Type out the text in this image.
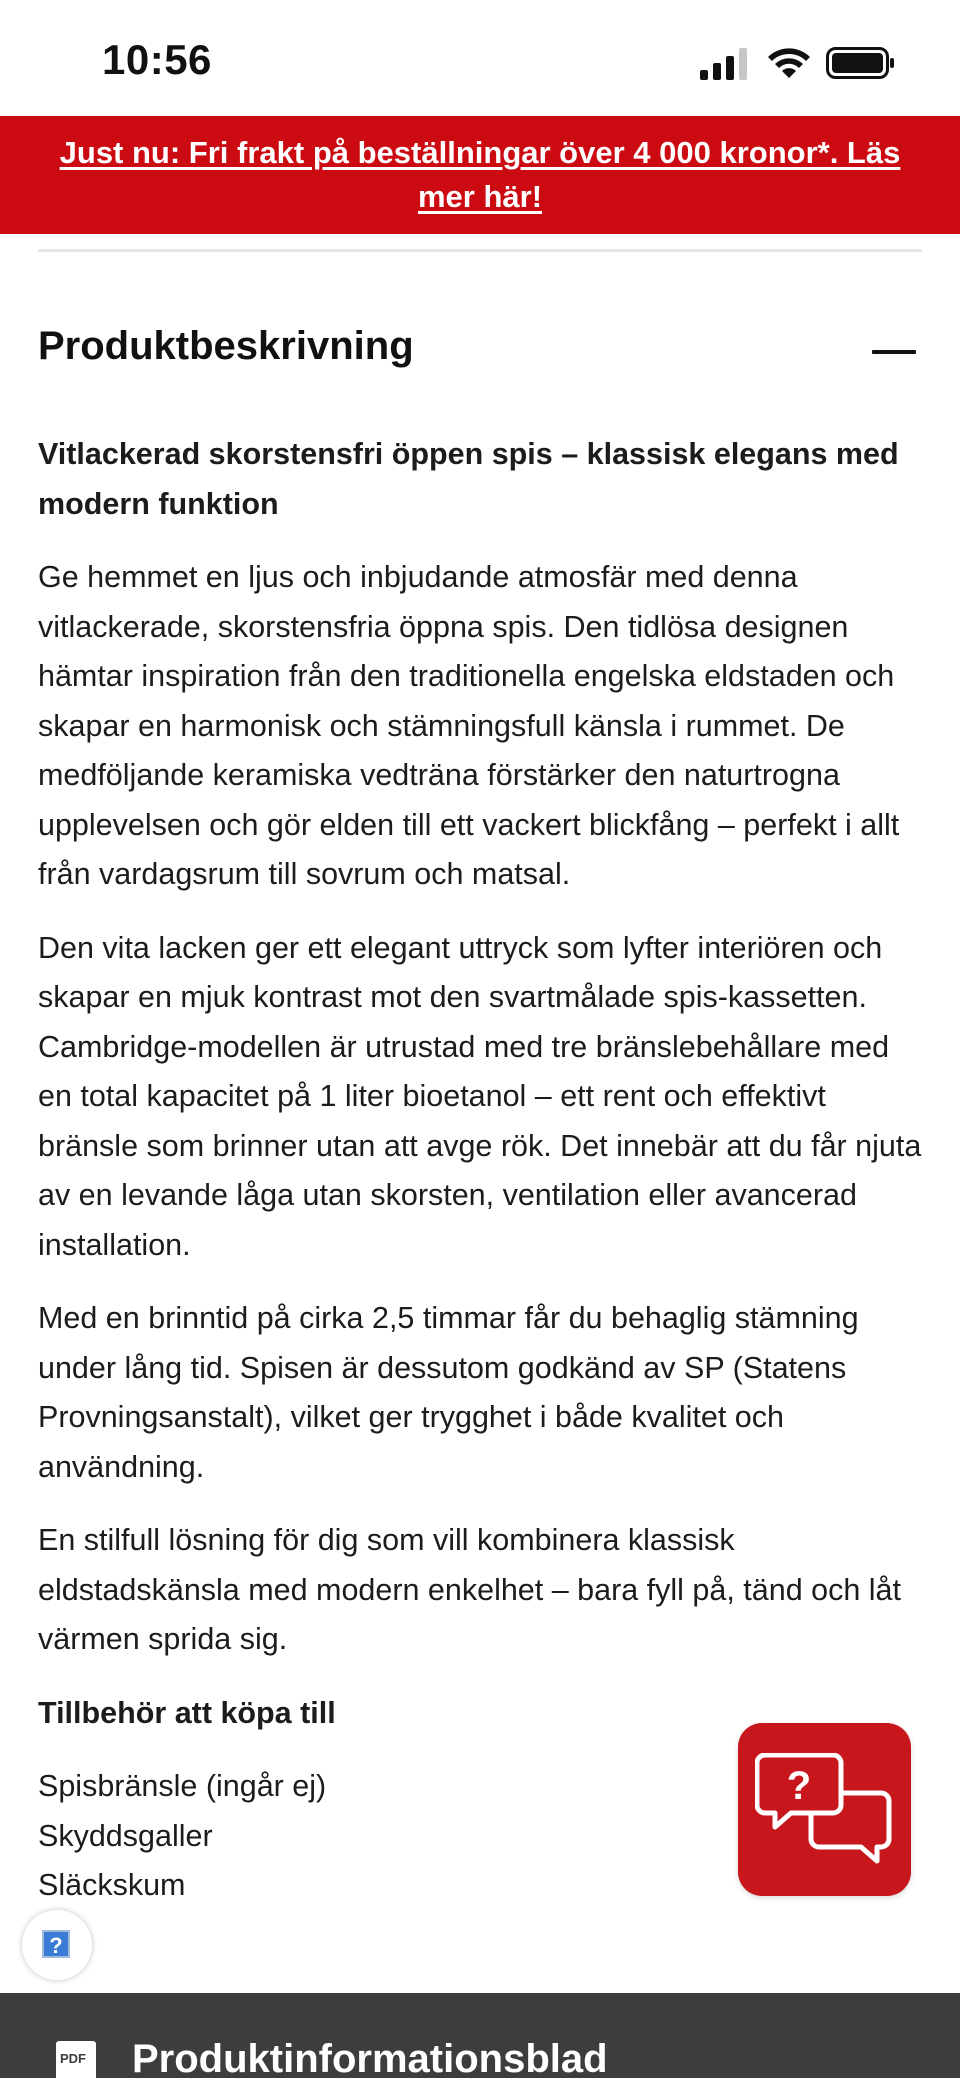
10:56
Just nu: Fri frakt på beställningar över 4 000 kronor*. Läs mer här!
Produktbeskrivning

Vitlackerad skorstensfri öppen spis – klassisk elegans med modern funktion

Ge hemmet en ljus och inbjudande atmosfär med denna vitlackerade, skorstensfria öppna spis. Den tidlösa designen hämtar inspiration från den traditionella engelska eldstaden och skapar en harmonisk och stämningsfull känsla i rummet. De medföljande keramiska vedträna förstärker den naturtrogna upplevelsen och gör elden till ett vackert blickfång – perfekt i allt från vardagsrum till sovrum och matsal.

Den vita lacken ger ett elegant uttryck som lyfter interiören och skapar en mjuk kontrast mot den svartmålade spis-kassetten. Cambridge-modellen är utrustad med tre bränslebehållare med en total kapacitet på 1 liter bioetanol – ett rent och effektivt bränsle som brinner utan att avge rök. Det innebär att du får njuta av en levande låga utan skorsten, ventilation eller avancerad installation.

Med en brinntid på cirka 2,5 timmar får du behaglig stämning under lång tid. Spisen är dessutom godkänd av SP (Statens Provningsanstalt), vilket ger trygghet i både kvalitet och användning.

En stilfull lösning för dig som vill kombinera klassisk eldstadskänsla med modern enkelhet – bara fyll på, tänd och låt värmen sprida sig.

Tillbehör att köpa till

Spisbränsle (ingår ej)
Skyddsgaller
Släckskum
?
?
PDF Produktinformationsblad
